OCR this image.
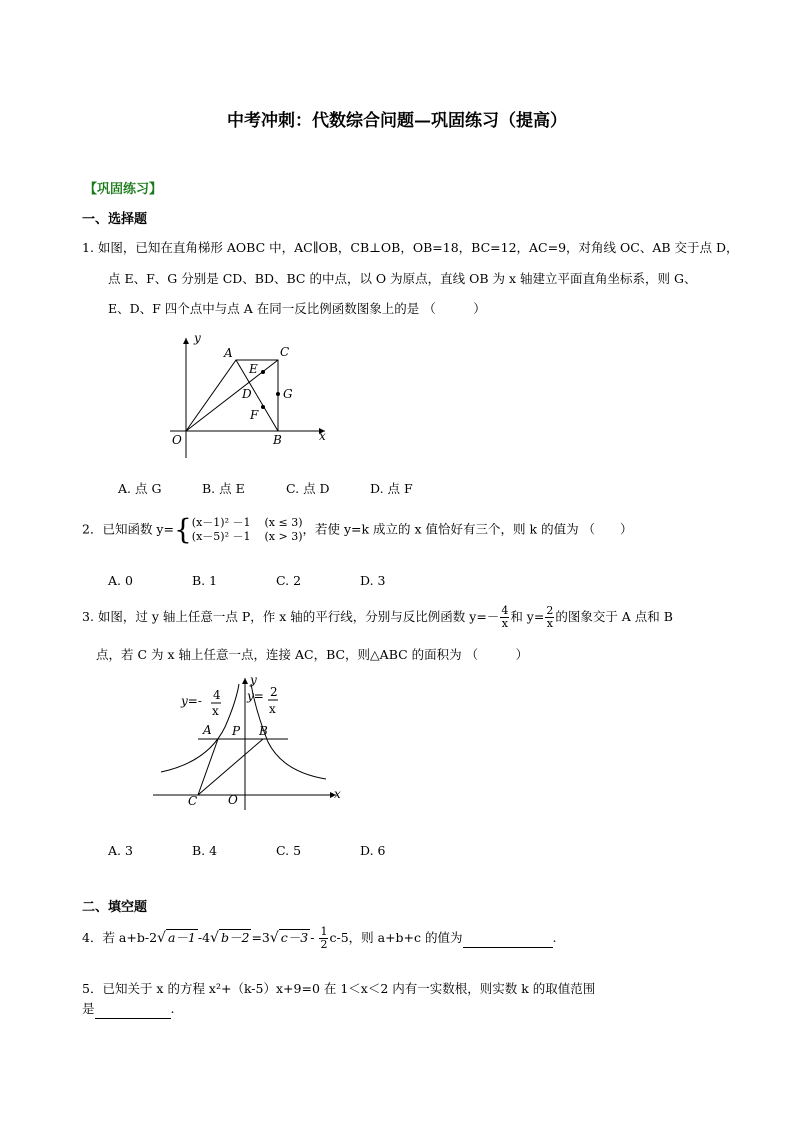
中考冲刺：代数综合问题—巩固练习（提高）
【巩固练习】
一、选择题
1. 如图，已知在直角梯形 AOBC 中，AC∥OB，CB⊥OB，OB=18，BC=12，AC=9，对角线 OC、AB 交于点 D，
点 E、F、G 分别是 CD、BD、BC 的中点，以 O 为原点，直线 OB 为 x 轴建立平面直角坐标系，则 G、
E、D、F 四个点中与点 A 在同一反比例函数图象上的是 （　　　）
y
x
O
A	C
B
E
D
F
G
A. 点 G	B. 点 E	C. 点 D	D. 点 F
2．已知函数 y={(x－1)² －1 (x ≤ 3)
(x－5)² －1 (x > 3)，若使 y=k 成立的 x 值恰好有三个，则 k 的值为 （　　）
A. 0	B. 1	C. 2	D. 3
3. 如图，过 y 轴上任意一点 P，作 x 轴的平行线，分别与反比例函数 $y=- \frac{4}{x}$ 和 $y= \frac{2}{x}$ 的图象交于 A 点和 B
点，若 C 为 x 轴上任意一点，连接 AC，BC，则△ABC 的面积为 （　　　）
y=- 4
x
y= 2
x
y
x
O
A P B
C
A. 3	B. 4	C. 5	D. 6
二、填空题
4．若 a+b-2√ a－1 -4√ b－2 =3√ $c-3 - \frac{1}{2} c-5$，则 a+b+c 的值为	.
5．已知关于 x 的方程 x²+（k-5）x+9=0 在 1＜x＜2 内有一实数根，则实数 k 的取值范围
是	.
